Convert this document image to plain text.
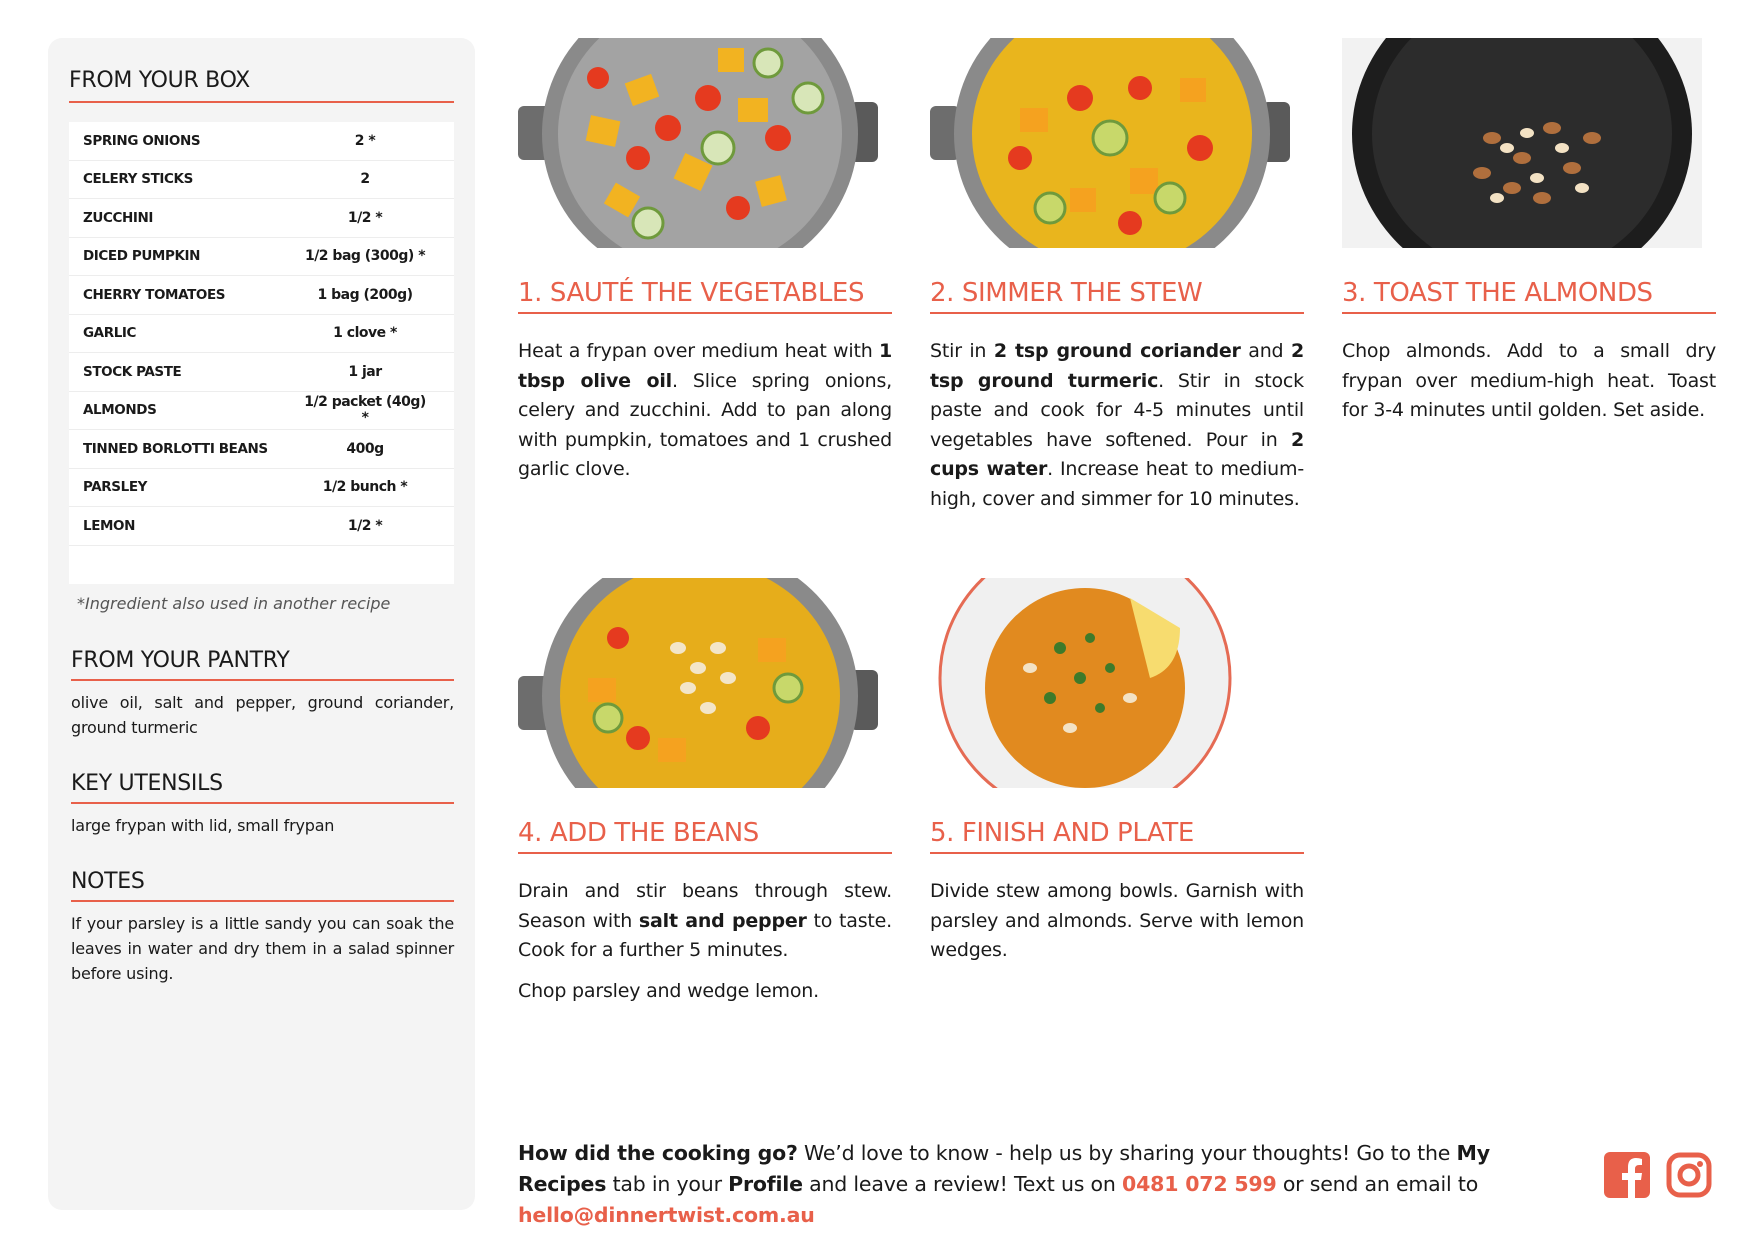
FROM YOUR BOX
SPRING ONIONS	2 *
CELERY STICKS	2
ZUCCHINI	1/2 *
DICED PUMPKIN	1/2 bag (300g) *
CHERRY TOMATOES	1 bag (200g)
GARLIC	1 clove *
STOCK PASTE	1 jar
ALMONDS	1/2 packet (40g) *
TINNED BORLOTTI BEANS	400g
PARSLEY	1/2 bunch *
LEMON	1/2 *
*Ingredient also used in another recipe
FROM YOUR PANTRY
olive oil, salt and pepper, ground coriander, ground turmeric
KEY UTENSILS
large frypan with lid, small frypan
NOTES
If your parsley is a little sandy you can soak the leaves in water and dry them in a salad spinner before using.
1. SAUTÉ THE VEGETABLES
Heat a frypan over medium heat with 1 tbsp olive oil. Slice spring onions, celery and zucchini. Add to pan along with pumpkin, tomatoes and 1 crushed garlic clove.
2. SIMMER THE STEW
Stir in 2 tsp ground coriander and 2 tsp ground turmeric. Stir in stock paste and cook for 4-5 minutes until vegetables have softened. Pour in 2 cups water. Increase heat to medium-high, cover and simmer for 10 minutes.
3. TOAST THE ALMONDS
Chop almonds. Add to a small dry frypan over medium-high heat. Toast for 3-4 minutes until golden. Set aside.
4. ADD THE BEANS
Drain and stir beans through stew. Season with salt and pepper to taste. Cook for a further 5 minutes.
Chop parsley and wedge lemon.
5. FINISH AND PLATE
Divide stew among bowls. Garnish with parsley and almonds. Serve with lemon wedges.
How did the cooking go? We’d love to know - help us by sharing your thoughts! Go to the My Recipes tab in your Profile and leave a review! Text us on 0481 072 599 or send an email to hello@dinnertwist.com.au
